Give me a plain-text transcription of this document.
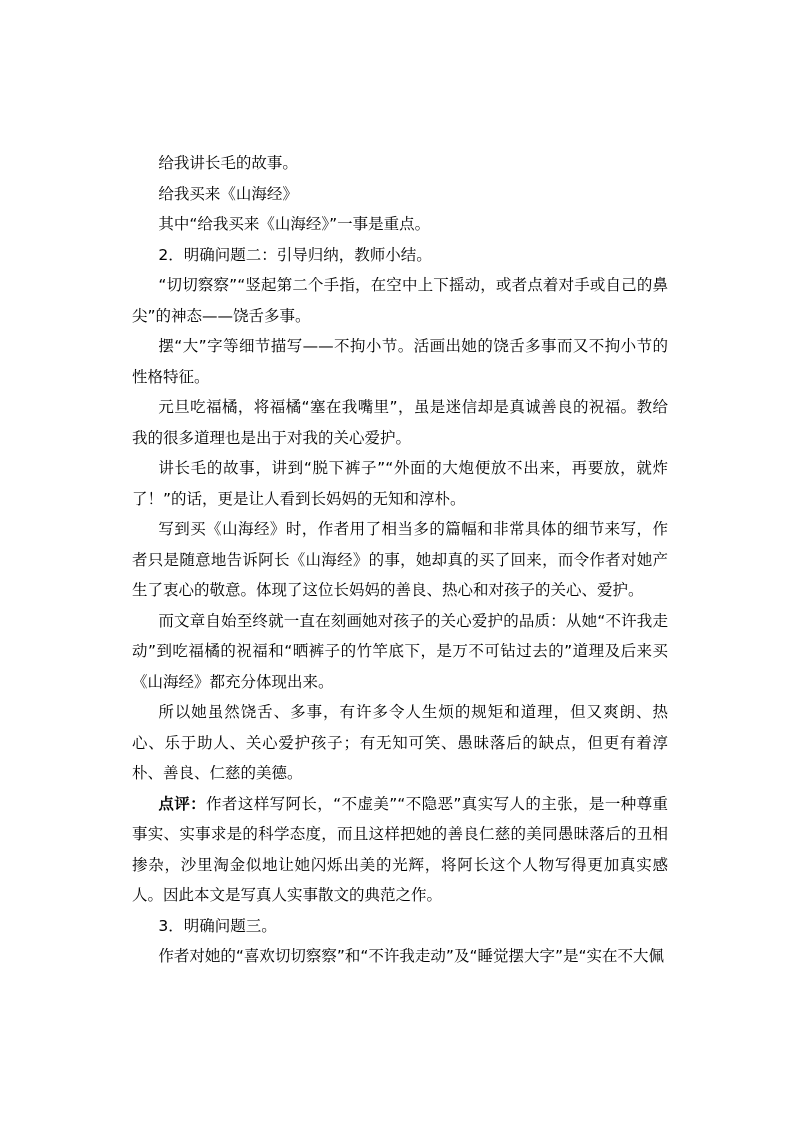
给我讲长毛的故事。

给我买来《山海经》

其中“给我买来《山海经》”一事是重点。

2．明确问题二：引导归纳，教师小结。

“切切察察”“竖起第二个手指，在空中上下摇动，或者点着对手或自己的鼻尖”的神态——饶舌多事。

摆“大”字等细节描写——不拘小节。活画出她的饶舌多事而又不拘小节的性格特征。

元旦吃福橘，将福橘“塞在我嘴里”，虽是迷信却是真诚善良的祝福。教给我的很多道理也是出于对我的关心爱护。

讲长毛的故事，讲到“脱下裤子”“外面的大炮便放不出来，再要放，就炸了！”的话，更是让人看到长妈妈的无知和淳朴。

写到买《山海经》时，作者用了相当多的篇幅和非常具体的细节来写，作者只是随意地告诉阿长《山海经》的事，她却真的买了回来，而令作者对她产生了衷心的敬意。体现了这位长妈妈的善良、热心和对孩子的关心、爱护。

而文章自始至终就一直在刻画她对孩子的关心爱护的品质：从她“不许我走动”到吃福橘的祝福和“晒裤子的竹竿底下，是万不可钻过去的”道理及后来买《山海经》都充分体现出来。

所以她虽然饶舌、多事，有许多令人生烦的规矩和道理，但又爽朗、热心、乐于助人、关心爱护孩子；有无知可笑、愚昧落后的缺点，但更有着淳朴、善良、仁慈的美德。

点评：作者这样写阿长，“不虚美”“不隐恶”真实写人的主张，是一种尊重事实、实事求是的科学态度，而且这样把她的善良仁慈的美同愚昧落后的丑相掺杂，沙里淘金似地让她闪烁出美的光辉，将阿长这个人物写得更加真实感人。因此本文是写真人实事散文的典范之作。

3．明确问题三。

作者对她的“喜欢切切察察”和“不许我走动”及“睡觉摆大字”是“实在不大佩
